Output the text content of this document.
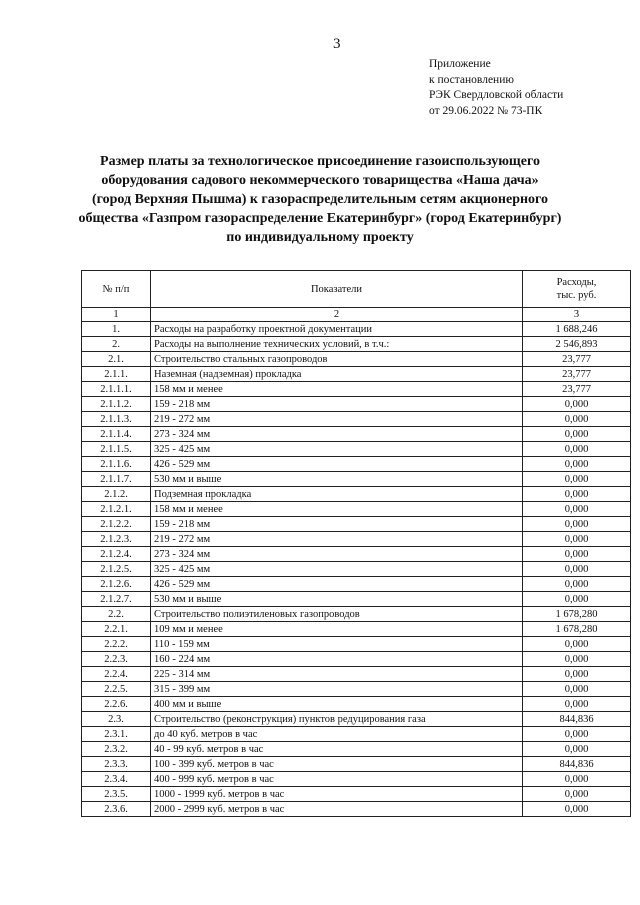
3
Приложение
к постановлению
РЭК Свердловской области
от 29.06.2022 № 73-ПК
Размер платы за технологическое присоединение газоиспользующего
оборудования садового некоммерческого товарищества «Наша дача»
(город Верхняя Пышма) к газораспределительным сетям акционерного
общества «Газпром газораспределение Екатеринбург» (город Екатеринбург)
по индивидуальному проекту
№ п/п	Показатели	Расходы,
тыс. руб.

1	2	3
1.	Расходы на разработку проектной документации	1 688,246
2.	Расходы на выполнение технических условий, в т.ч.:	2 546,893
2.1.	Строительство стальных газопроводов	23,777
2.1.1.	Наземная (надземная) прокладка	23,777
2.1.1.1.	158 мм и менее	23,777
2.1.1.2.	159 - 218 мм	0,000
2.1.1.3.	219 - 272 мм	0,000
2.1.1.4.	273 - 324 мм	0,000
2.1.1.5.	325 - 425 мм	0,000
2.1.1.6.	426 - 529 мм	0,000
2.1.1.7.	530 мм и выше	0,000
2.1.2.	Подземная прокладка	0,000
2.1.2.1.	158 мм и менее	0,000
2.1.2.2.	159 - 218 мм	0,000
2.1.2.3.	219 - 272 мм	0,000
2.1.2.4.	273 - 324 мм	0,000
2.1.2.5.	325 - 425 мм	0,000
2.1.2.6.	426 - 529 мм	0,000
2.1.2.7.	530 мм и выше	0,000
2.2.	Строительство полиэтиленовых газопроводов	1 678,280
2.2.1.	109 мм и менее	1 678,280
2.2.2.	110 - 159 мм	0,000
2.2.3.	160 - 224 мм	0,000
2.2.4.	225 - 314 мм	0,000
2.2.5.	315 - 399 мм	0,000
2.2.6.	400 мм и выше	0,000
2.3.	Строительство (реконструкция) пунктов редуцирования газа	844,836
2.3.1.	до 40 куб. метров в час	0,000
2.3.2.	40 - 99 куб. метров в час	0,000
2.3.3.	100 - 399 куб. метров в час	844,836
2.3.4.	400 - 999 куб. метров в час	0,000
2.3.5.	1000 - 1999 куб. метров в час	0,000
2.3.6.	2000 - 2999 куб. метров в час	0,000
